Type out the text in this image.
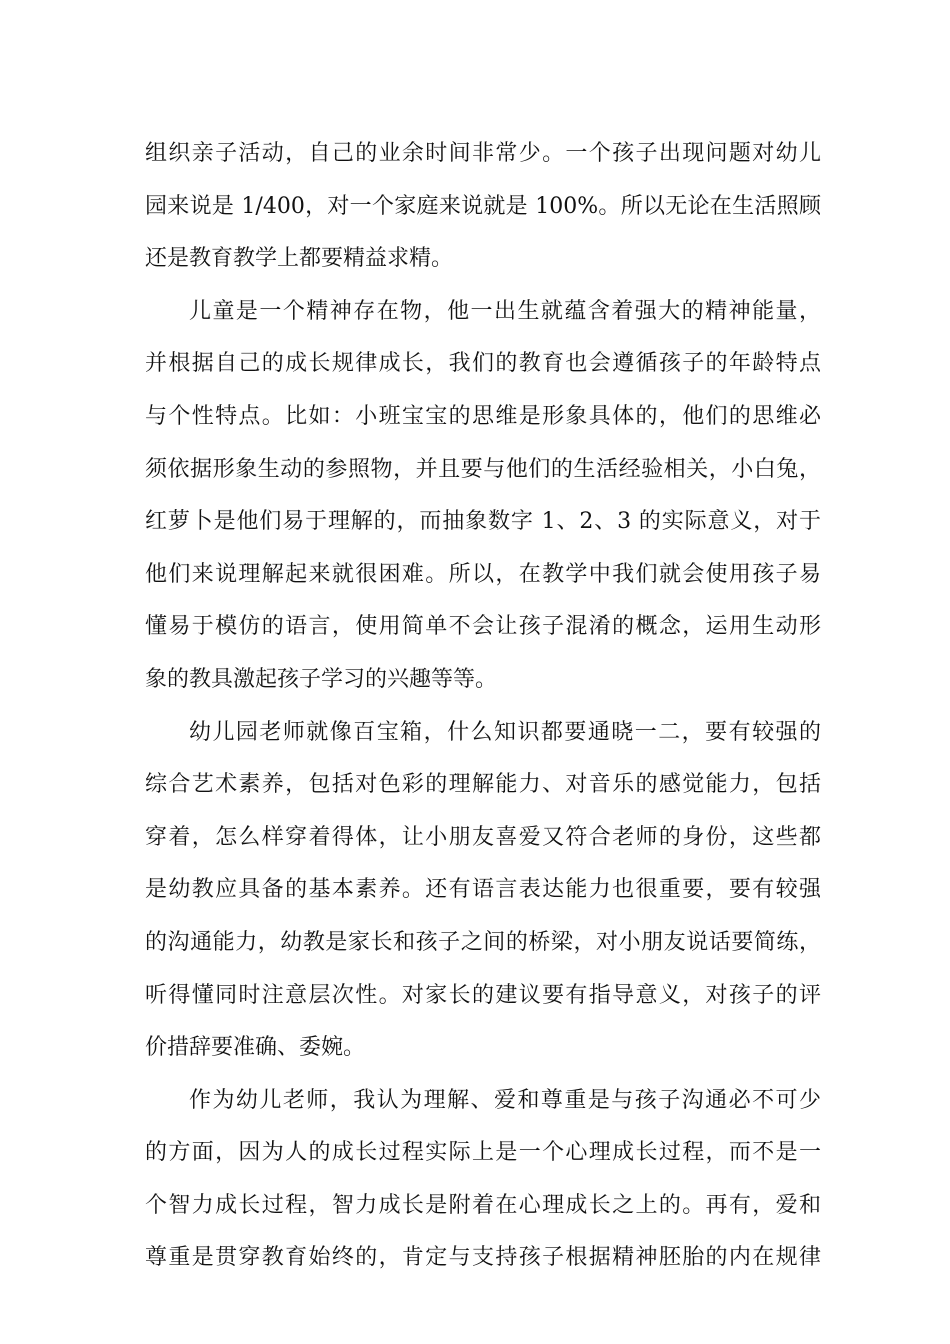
组织亲子活动，自己的业余时间非常少。一个孩子出现问题对幼儿
园来说是 1/400，对一个家庭来说就是 100%。所以无论在生活照顾
还是教育教学上都要精益求精。
儿童是一个精神存在物，他一出生就蕴含着强大的精神能量，
并根据自己的成长规律成长，我们的教育也会遵循孩子的年龄特点
与个性特点。比如：小班宝宝的思维是形象具体的，他们的思维必
须依据形象生动的参照物，并且要与他们的生活经验相关，小白兔，
红萝卜是他们易于理解的，而抽象数字 1、2、3 的实际意义，对于
他们来说理解起来就很困难。所以，在教学中我们就会使用孩子易
懂易于模仿的语言，使用简单不会让孩子混淆的概念，运用生动形
象的教具激起孩子学习的兴趣等等。
幼儿园老师就像百宝箱，什么知识都要通晓一二，要有较强的
综合艺术素养，包括对色彩的理解能力、对音乐的感觉能力，包括
穿着，怎么样穿着得体，让小朋友喜爱又符合老师的身份，这些都
是幼教应具备的基本素养。还有语言表达能力也很重要，要有较强
的沟通能力，幼教是家长和孩子之间的桥梁，对小朋友说话要简练，
听得懂同时注意层次性。对家长的建议要有指导意义，对孩子的评
价措辞要准确、委婉。
作为幼儿老师，我认为理解、爱和尊重是与孩子沟通必不可少
的方面，因为人的成长过程实际上是一个心理成长过程，而不是一
个智力成长过程，智力成长是附着在心理成长之上的。再有，爱和
尊重是贯穿教育始终的，肯定与支持孩子根据精神胚胎的内在规律
